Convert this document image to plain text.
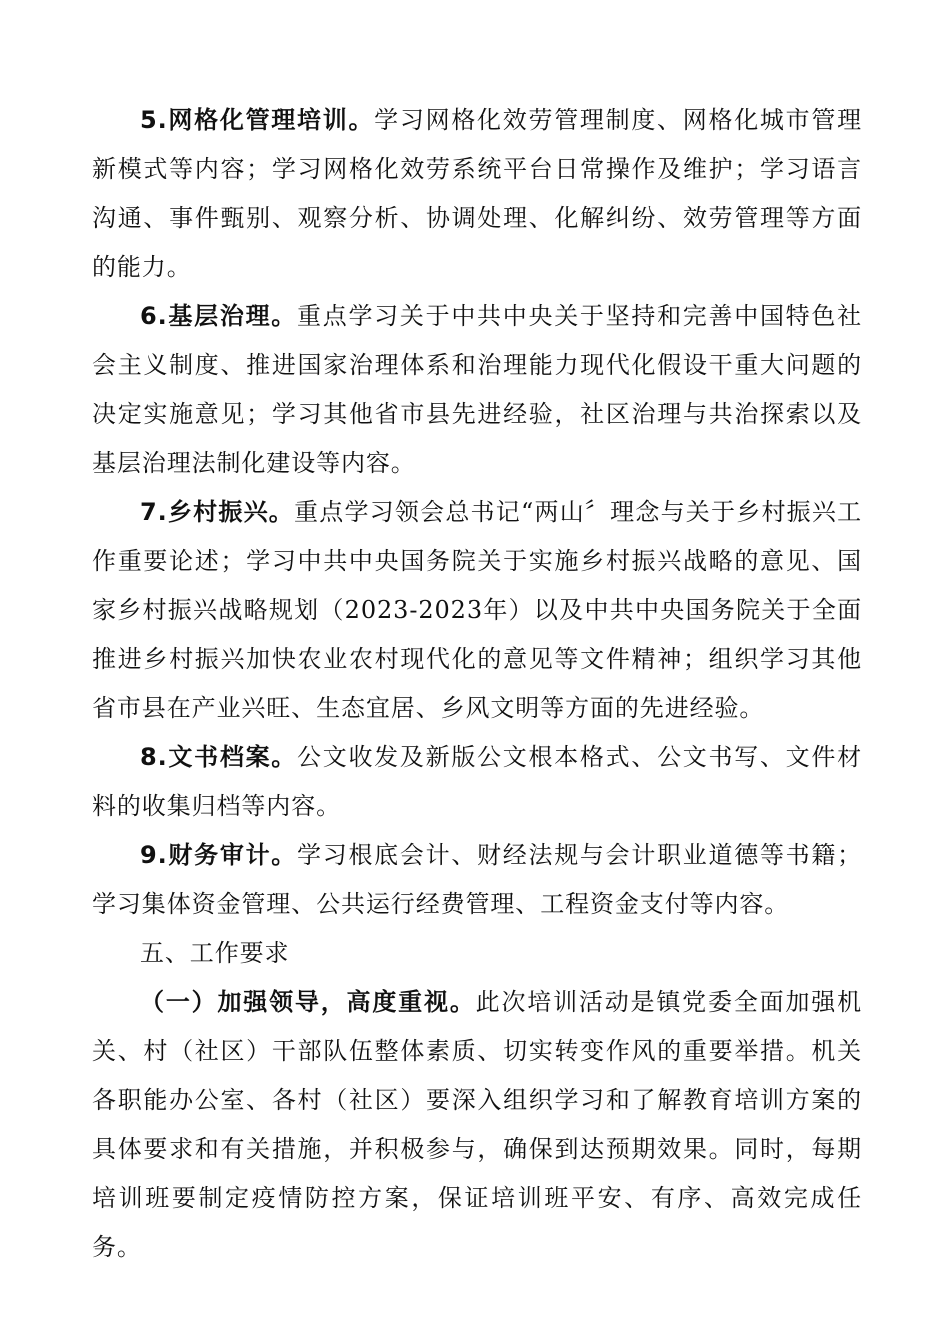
5.网格化管理培训。学习网格化效劳管理制度、网格化城市管理新模式等内容；学习网格化效劳系统平台日常操作及维护；学习语言沟通、事件甄别、观察分析、协调处理、化解纠纷、效劳管理等方面的能力。

6.基层治理。重点学习关于中共中央关于坚持和完善中国特色社会主义制度、推进国家治理体系和治理能力现代化假设干重大问题的决定实施意见；学习其他省市县先进经验，社区治理与共治探索以及基层治理法制化建设等内容。

7.乡村振兴。重点学习领会总书记“两山〞理念与关于乡村振兴工作重要论述；学习中共中央国务院关于实施乡村振兴战略的意见、国家乡村振兴战略规划（2023-2023年）以及中共中央国务院关于全面推进乡村振兴加快农业农村现代化的意见等文件精神；组织学习其他省市县在产业兴旺、生态宜居、乡风文明等方面的先进经验。

8.文书档案。公文收发及新版公文根本格式、公文书写、文件材料的收集归档等内容。

9.财务审计。学习根底会计、财经法规与会计职业道德等书籍；学习集体资金管理、公共运行经费管理、工程资金支付等内容。

五、工作要求

（一）加强领导，高度重视。此次培训活动是镇党委全面加强机关、村（社区）干部队伍整体素质、切实转变作风的重要举措。机关各职能办公室、各村（社区）要深入组织学习和了解教育培训方案的具体要求和有关措施，并积极参与，确保到达预期效果。同时，每期培训班要制定疫情防控方案，保证培训班平安、有序、高效完成任务。
